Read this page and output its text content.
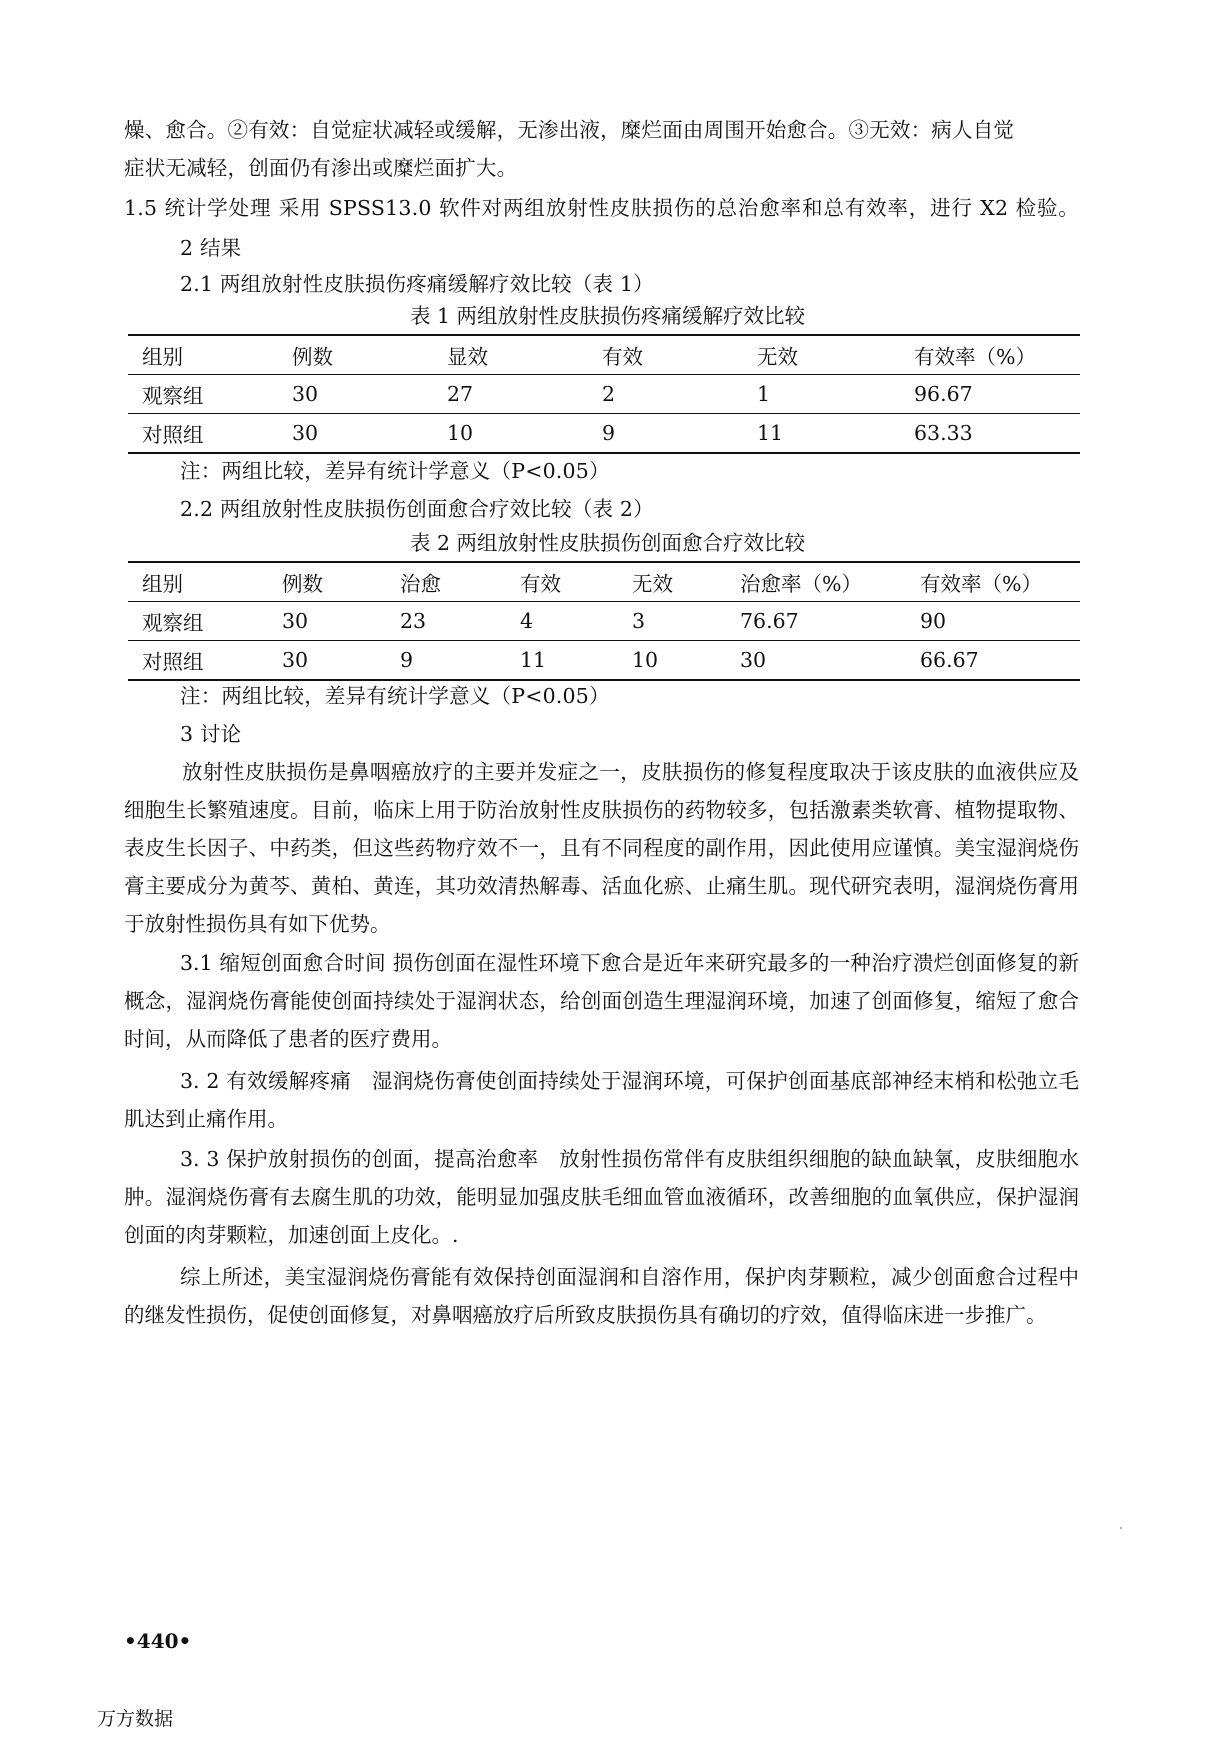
燥、愈合。②有效：自觉症状减轻或缓解，无渗出液，糜烂面由周围开始愈合。③无效：病人自觉
症状无减轻，创面仍有渗出或糜烂面扩大。
1.5 统计学处理 采用 SPSS13.0 软件对两组放射性皮肤损伤的总治愈率和总有效率，进行 X2 检验。
2 结果
2.1 两组放射性皮肤损伤疼痛缓解疗效比较（表 1）
表 1 两组放射性皮肤损伤疼痛缓解疗效比较
组别	例数	显效	有效	无效	有效率（%）
观察组	30	27	2	1	96.67
对照组	30	10	9	11	63.33
注：两组比较，差异有统计学意义（P<0.05）
2.2 两组放射性皮肤损伤创面愈合疗效比较（表 2）
表 2 两组放射性皮肤损伤创面愈合疗效比较
组别	例数	治愈	有效	无效	治愈率（%）	有效率（%）
观察组	30	23	4	3	76.67	90
对照组	30	9	11	10	30	66.67
注：两组比较，差异有统计学意义（P<0.05）
3 讨论
放射性皮肤损伤是鼻咽癌放疗的主要并发症之一，皮肤损伤的修复程度取决于该皮肤的血液供应及细胞生长繁殖速度。目前，临床上用于防治放射性皮肤损伤的药物较多，包括激素类软膏、植物提取物、表皮生长因子、中药类，但这些药物疗效不一，且有不同程度的副作用，因此使用应谨慎。美宝湿润烧伤膏主要成分为黄芩、黄柏、黄连，其功效清热解毒、活血化瘀、止痛生肌。现代研究表明，湿润烧伤膏用于放射性损伤具有如下优势。
3.1 缩短创面愈合时间 损伤创面在湿性环境下愈合是近年来研究最多的一种治疗溃烂创面修复的新概念，湿润烧伤膏能使创面持续处于湿润状态，给创面创造生理湿润环境，加速了创面修复，缩短了愈合时间，从而降低了患者的医疗费用。
3. 2 有效缓解疼痛　湿润烧伤膏使创面持续处于湿润环境，可保护创面基底部神经末梢和松弛立毛肌达到止痛作用。
3. 3 保护放射损伤的创面，提高治愈率　放射性损伤常伴有皮肤组织细胞的缺血缺氧，皮肤细胞水肿。湿润烧伤膏有去腐生肌的功效，能明显加强皮肤毛细血管血液循环，改善细胞的血氧供应，保护湿润创面的肉芽颗粒，加速创面上皮化。.
综上所述，美宝湿润烧伤膏能有效保持创面湿润和自溶作用，保护肉芽颗粒，减少创面愈合过程中的继发性损伤，促使创面修复，对鼻咽癌放疗后所致皮肤损伤具有确切的疗效，值得临床进一步推广。
•440•
万方数据
